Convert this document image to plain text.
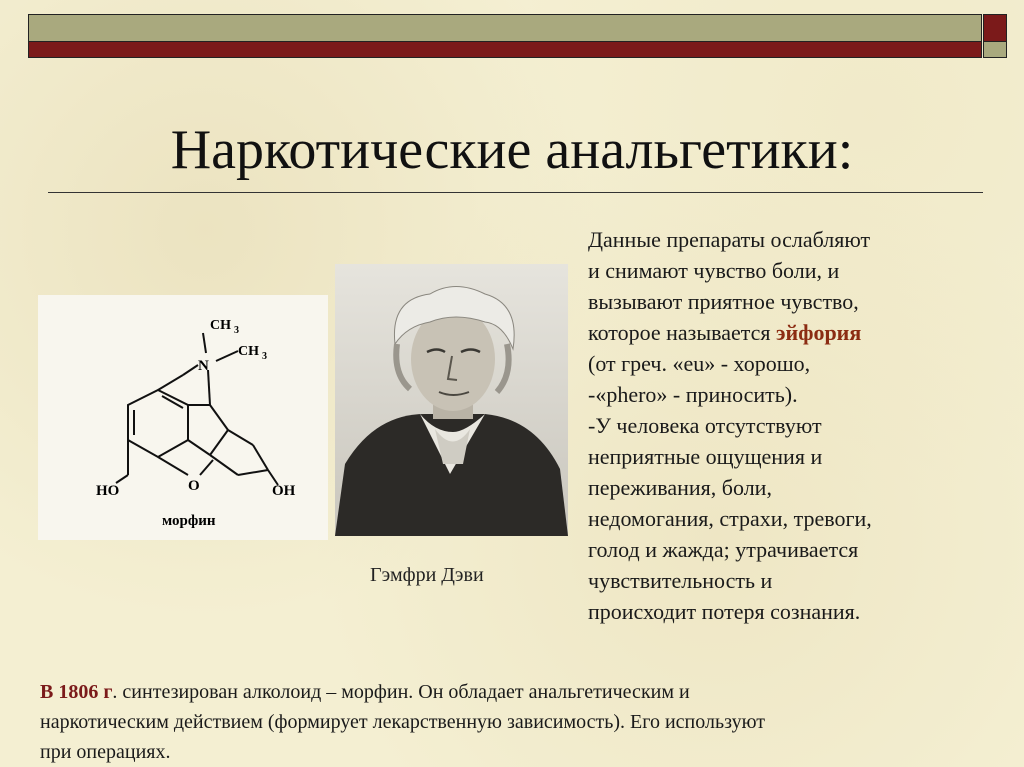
Наркотические анальгетики:
CH 3
CH 3
N
HO	O	OH
морфин
Гэмфри Дэви

Данные препараты ослабляют

и снимают чувство боли, и

вызывают приятное чувство,

которое называется эйфория

(от греч. «eu» - хорошо,

-«phero» - приносить).

-У человека отсутствуют

неприятные ощущения и

переживания, боли,

недомогания, страхи, тревоги,

голод и жажда; утрачивается

чувствительность и

происходит потеря сознания.

В 1806 г. синтезирован алколоид – морфин. Он обладает анальгетическим и
наркотическим действием (формирует лекарственную зависимость). Его используют
при операциях.
